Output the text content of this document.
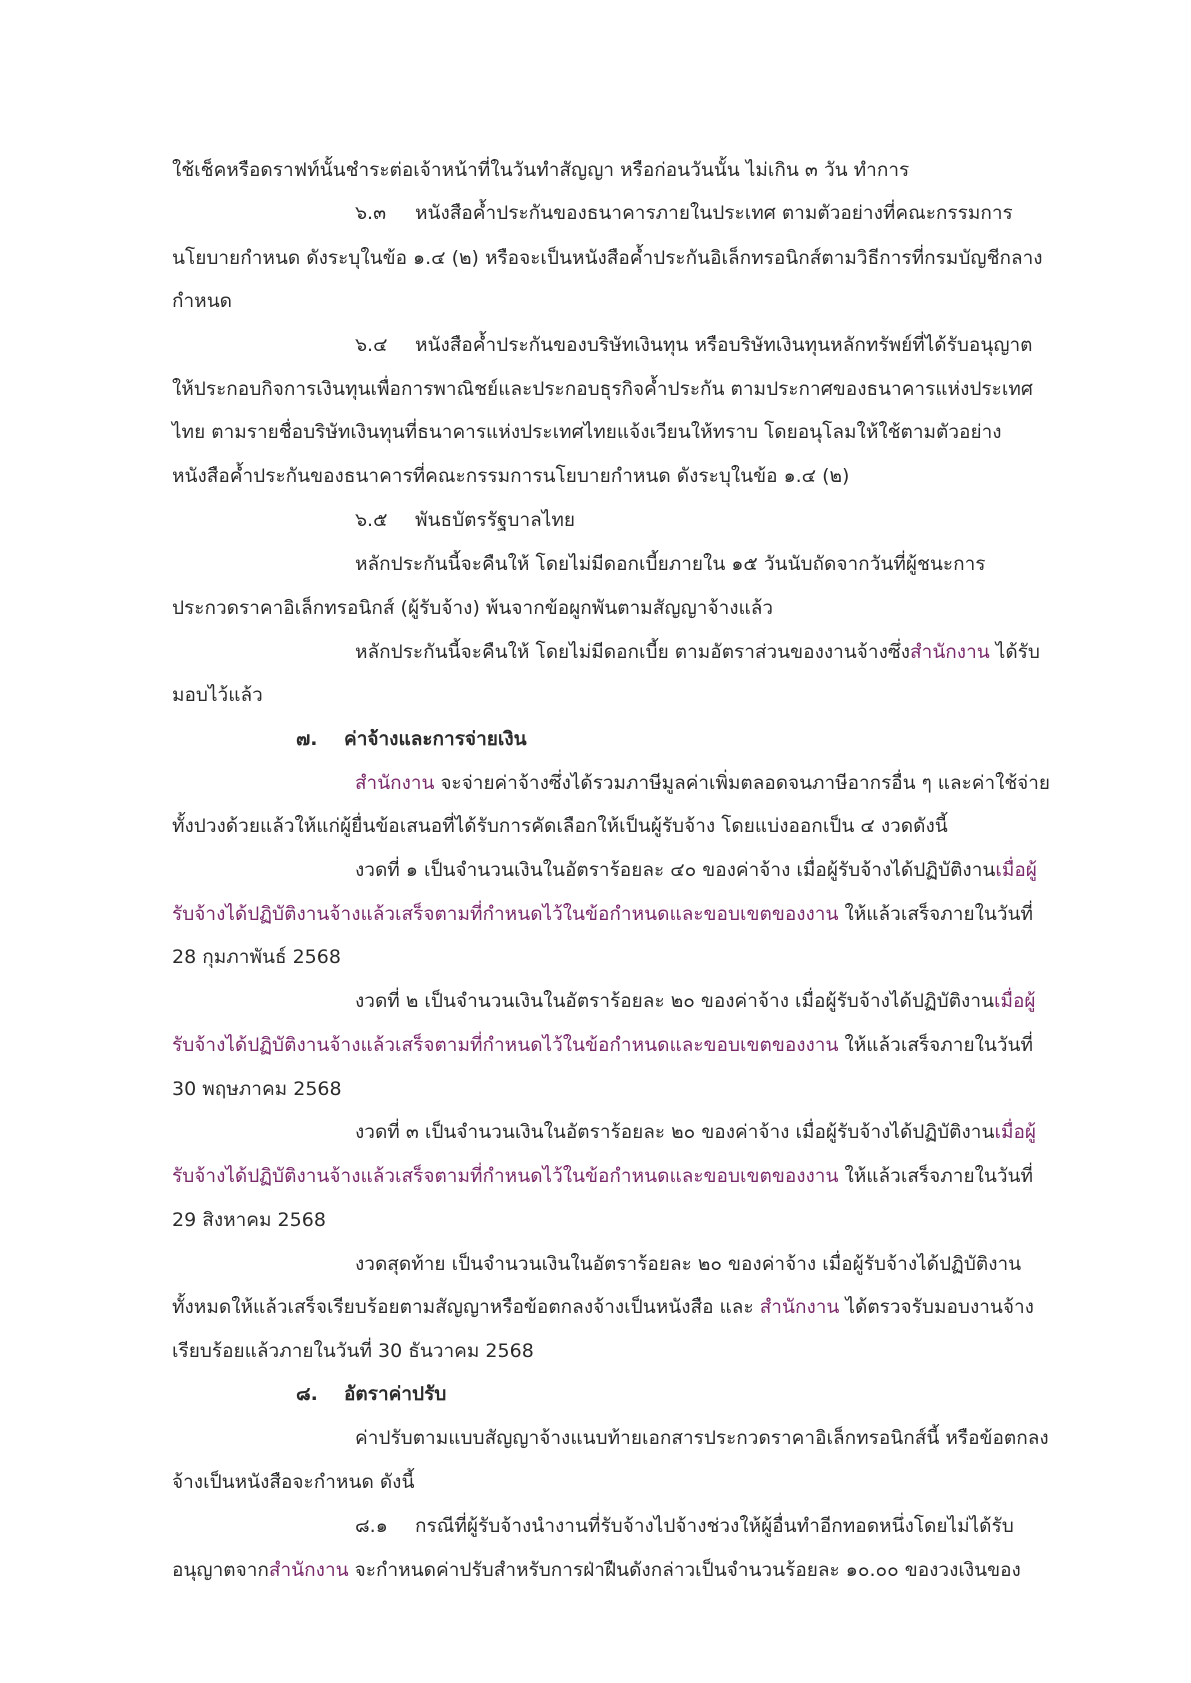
ใช้เช็คหรือดราฟท์นั้นชำระต่อเจ้าหน้าที่ในวันทำสัญญา หรือก่อนวันนั้น ไม่เกิน ๓ วัน ทำการ
๖.๓ หนังสือค้ำประกันของธนาคารภายในประเทศ ตามตัวอย่างที่คณะกรรมการ
นโยบายกำหนด ดังระบุในข้อ ๑.๔ (๒) หรือจะเป็นหนังสือค้ำประกันอิเล็กทรอนิกส์ตามวิธีการที่กรมบัญชีกลาง
กำหนด
๖.๔ หนังสือค้ำประกันของบริษัทเงินทุน หรือบริษัทเงินทุนหลักทรัพย์ที่ได้รับอนุญาต
ให้ประกอบกิจการเงินทุนเพื่อการพาณิชย์และประกอบธุรกิจค้ำประกัน ตามประกาศของธนาคารแห่งประเทศ
ไทย ตามรายชื่อบริษัทเงินทุนที่ธนาคารแห่งประเทศไทยแจ้งเวียนให้ทราบ โดยอนุโลมให้ใช้ตามตัวอย่าง
หนังสือค้ำประกันของธนาคารที่คณะกรรมการนโยบายกำหนด ดังระบุในข้อ ๑.๔ (๒)
๖.๕ พันธบัตรรัฐบาลไทย
หลักประกันนี้จะคืนให้ โดยไม่มีดอกเบี้ยภายใน ๑๕ วันนับถัดจากวันที่ผู้ชนะการ
ประกวดราคาอิเล็กทรอนิกส์ (ผู้รับจ้าง) พ้นจากข้อผูกพันตามสัญญาจ้างแล้ว
หลักประกันนี้จะคืนให้ โดยไม่มีดอกเบี้ย ตามอัตราส่วนของงานจ้างซึ่งสำนักงาน ได้รับ
มอบไว้แล้ว
๗. ค่าจ้างและการจ่ายเงิน
สำนักงาน จะจ่ายค่าจ้างซึ่งได้รวมภาษีมูลค่าเพิ่มตลอดจนภาษีอากรอื่น ๆ และค่าใช้จ่าย
ทั้งปวงด้วยแล้วให้แก่ผู้ยื่นข้อเสนอที่ได้รับการคัดเลือกให้เป็นผู้รับจ้าง โดยแบ่งออกเป็น ๔ งวดดังนี้
งวดที่ ๑ เป็นจำนวนเงินในอัตราร้อยละ ๔๐ ของค่าจ้าง เมื่อผู้รับจ้างได้ปฏิบัติงานเมื่อผู้
รับจ้างได้ปฏิบัติงานจ้างแล้วเสร็จตามที่กำหนดไว้ในข้อกำหนดและขอบเขตของงาน ให้แล้วเสร็จภายในวันที่
28 กุมภาพันธ์ 2568
งวดที่ ๒ เป็นจำนวนเงินในอัตราร้อยละ ๒๐ ของค่าจ้าง เมื่อผู้รับจ้างได้ปฏิบัติงานเมื่อผู้
รับจ้างได้ปฏิบัติงานจ้างแล้วเสร็จตามที่กำหนดไว้ในข้อกำหนดและขอบเขตของงาน ให้แล้วเสร็จภายในวันที่
30 พฤษภาคม 2568
งวดที่ ๓ เป็นจำนวนเงินในอัตราร้อยละ ๒๐ ของค่าจ้าง เมื่อผู้รับจ้างได้ปฏิบัติงานเมื่อผู้
รับจ้างได้ปฏิบัติงานจ้างแล้วเสร็จตามที่กำหนดไว้ในข้อกำหนดและขอบเขตของงาน ให้แล้วเสร็จภายในวันที่
29 สิงหาคม 2568
งวดสุดท้าย เป็นจำนวนเงินในอัตราร้อยละ ๒๐ ของค่าจ้าง เมื่อผู้รับจ้างได้ปฏิบัติงาน
ทั้งหมดให้แล้วเสร็จเรียบร้อยตามสัญญาหรือข้อตกลงจ้างเป็นหนังสือ และ สำนักงาน ได้ตรวจรับมอบงานจ้าง
เรียบร้อยแล้วภายในวันที่ 30 ธันวาคม 2568
๘. อัตราค่าปรับ
ค่าปรับตามแบบสัญญาจ้างแนบท้ายเอกสารประกวดราคาอิเล็กทรอนิกส์นี้ หรือข้อตกลง
จ้างเป็นหนังสือจะกำหนด ดังนี้
๘.๑ กรณีที่ผู้รับจ้างนำงานที่รับจ้างไปจ้างช่วงให้ผู้อื่นทำอีกทอดหนึ่งโดยไม่ได้รับ
อนุญาตจากสำนักงาน จะกำหนดค่าปรับสำหรับการฝ่าฝืนดังกล่าวเป็นจำนวนร้อยละ ๑๐.๐๐ ของวงเงินของ
